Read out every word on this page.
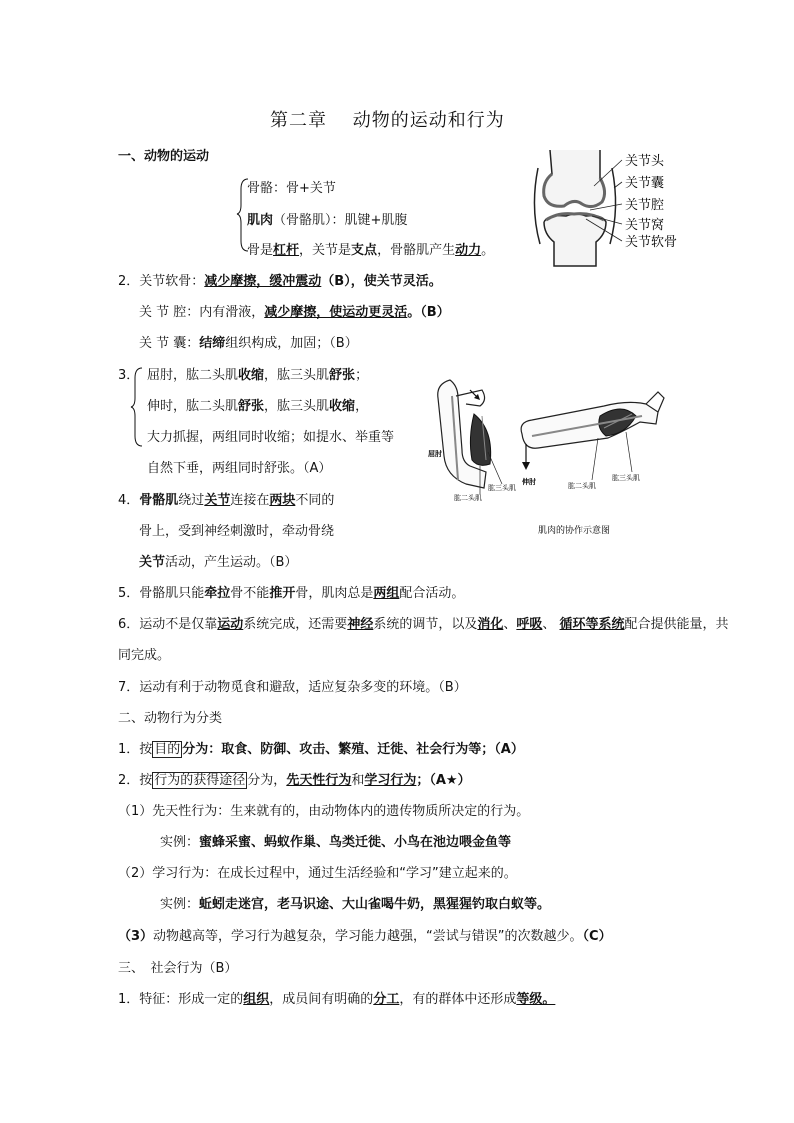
第二章　 动物的运动和行为
一、动物的运动
骨骼：骨+关节
肌肉（骨骼肌）：肌键+肌腹
骨是杠杆，关节是支点，骨骼肌产生动力。
2．关节软骨：减少摩擦，缓冲震动（B），使关节灵活。
关 节 腔：内有滑液，减少摩擦，使运动更灵活。（B）
关 节 囊：结缔组织构成，加固；（B）
3． 屈肘，肱二头肌收缩，肱三头肌舒张；
伸时，肱二头肌舒张，肱三头肌收缩，
大力抓握，两组同时收缩；如提水、举重等
自然下垂，两组同时舒张。（A）
4．骨骼肌绕过关节连接在两块不同的
骨上，受到神经刺激时，牵动骨绕
关节活动，产生运动。（B）
5．骨骼肌只能牵拉骨不能推开骨，肌肉总是两组配合活动。
6．运动不是仅靠运动系统完成，还需要神经系统的调节，以及消化、呼吸、 循环等系统配合提供能量，共
同完成。
7．运动有利于动物觅食和避敌，适应复杂多变的环境。（B）
二、动物行为分类
1．按 目的 分为：取食、防御、攻击、繁殖、迁徙、社会行为等；（A）
2．按 行为的获得途径 分为，先天性行为和学习行为；（A★）
（1）先天性行为：生来就有的，由动物体内的遗传物质所决定的行为。
实例：蜜蜂采蜜、蚂蚁作巢、鸟类迁徙、小鸟在池边喂金鱼等
（2）学习行为：在成长过程中，通过生活经验和“学习”建立起来的。
实例：蚯蚓走迷宫，老马识途、大山雀喝牛奶，黑猩猩钓取白蚁等。
（3）动物越高等，学习行为越复杂，学习能力越强，“尝试与错误”的次数越少。（C）
三、　社会行为（B）
1．特征：形成一定的组织，成员间有明确的分工，有的群体中还形成等级。
关节头
关节囊
关节腔
关节窝
关节软骨
屈肘
肱二头肌
肱三头肌
伸肘	肱二头肌
肱三头肌
肌肉的协作示意图
